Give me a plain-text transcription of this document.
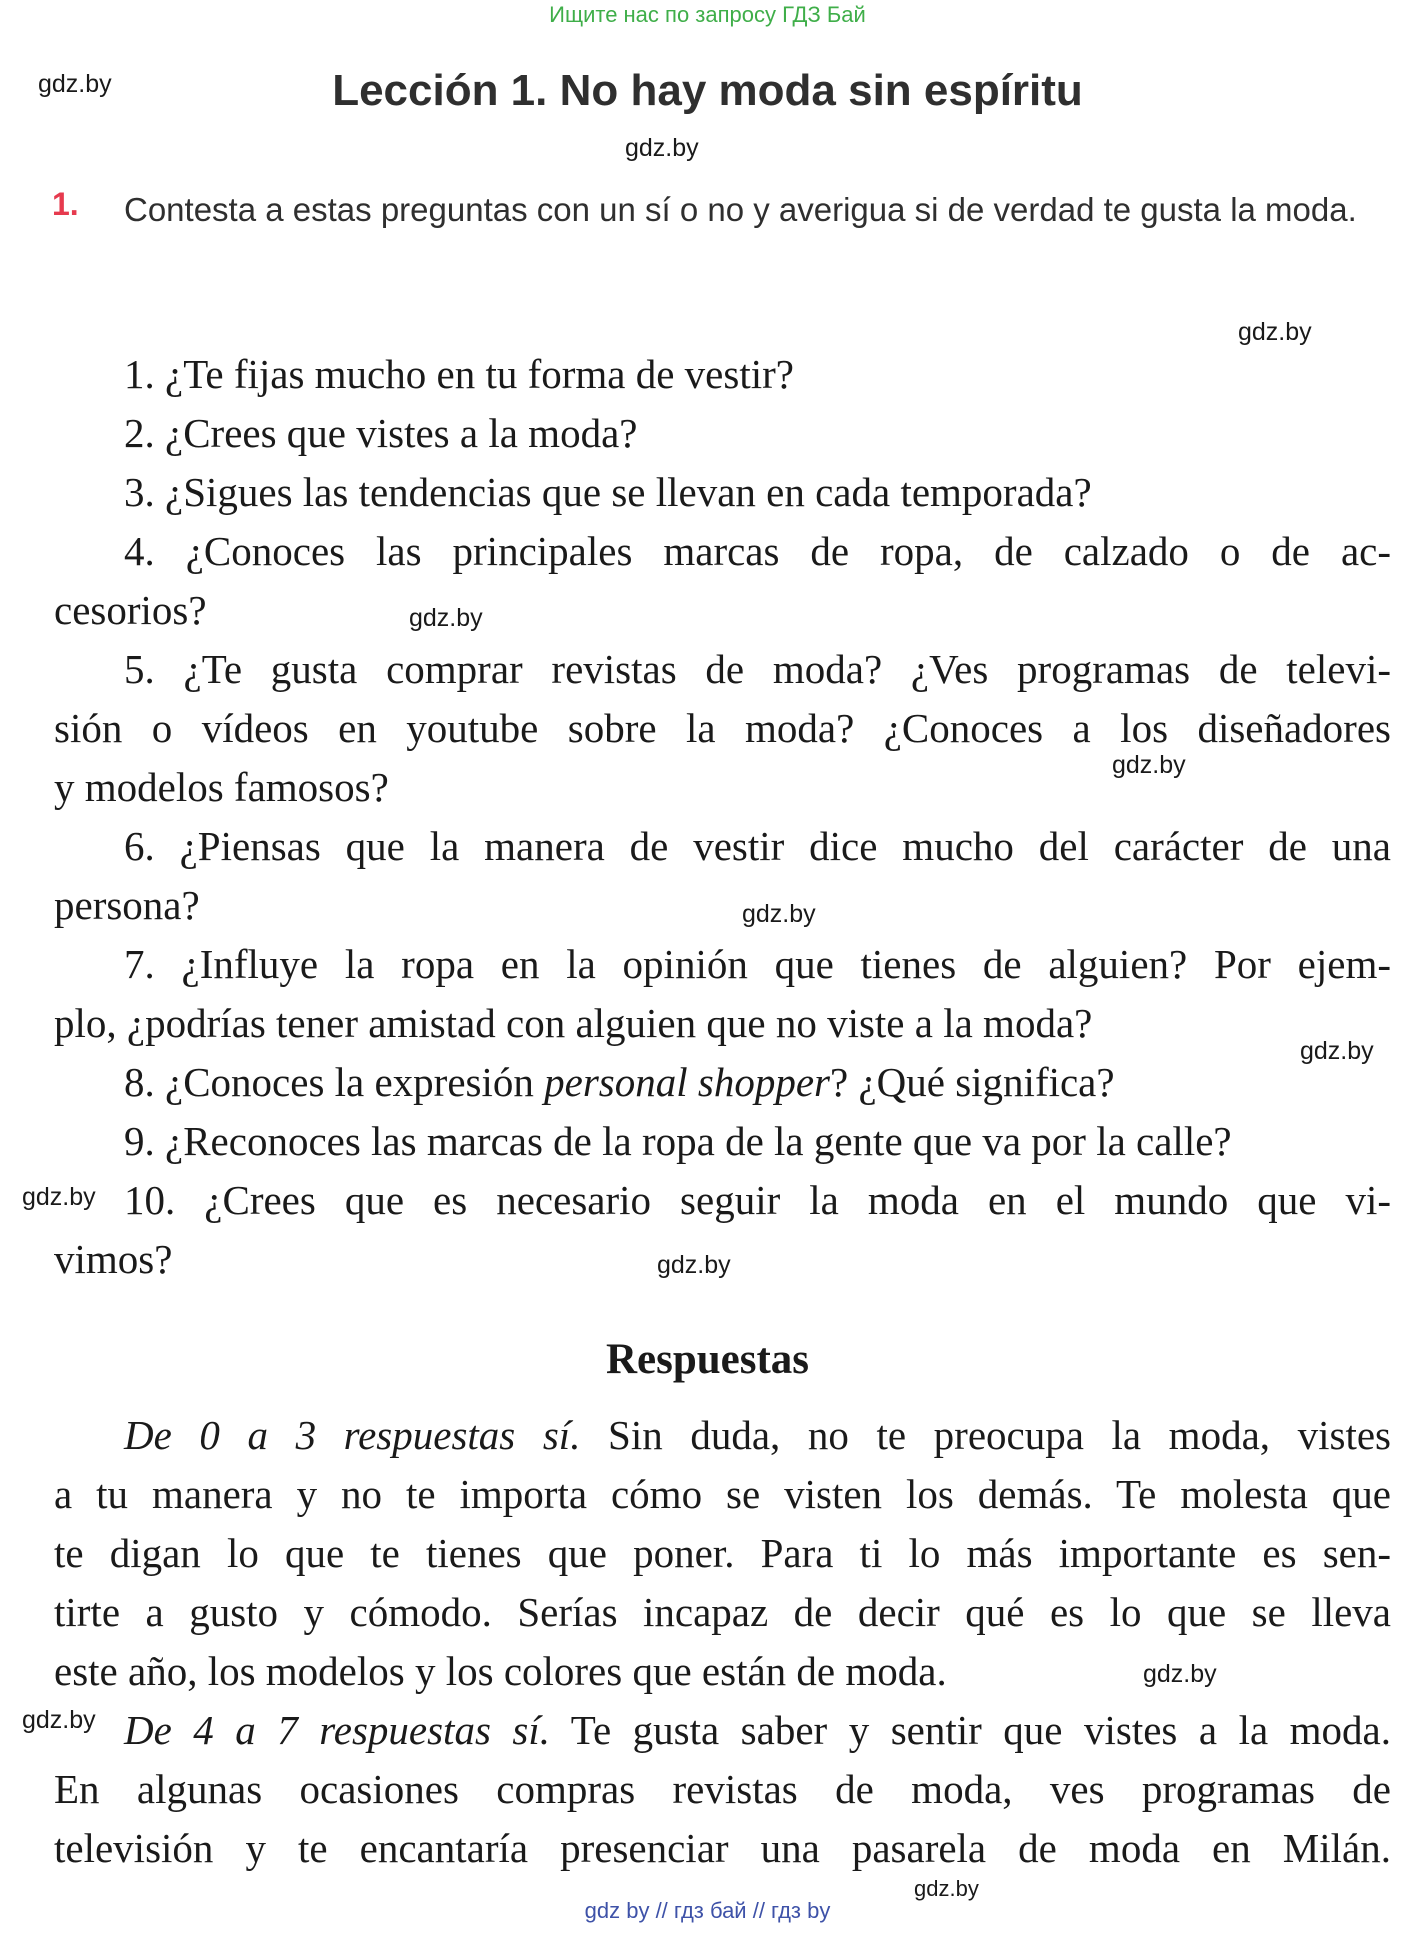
Ищите нас по запросу ГДЗ Бай
gdz.by	Lección 1. No hay moda sin espíritu
gdz.by
1. Contesta a estas preguntas con un sí o no y averigua si de verdad te gusta la moda.
gdz.by
1. ¿Te fijas mucho en tu forma de vestir?
2. ¿Crees que vistes a la moda?
3. ¿Sigues las tendencias que se llevan en cada temporada?
4. ¿Conoces las principales marcas de ropa, de calzado o de ac-
cesorios?	gdz.by
5. ¿Te gusta comprar revistas de moda? ¿Ves programas de televi-
sión o vídeos en youtube sobre la moda? ¿Conoces a los diseñadores
gdz.by
y modelos famosos?
6. ¿Piensas que la manera de vestir dice mucho del carácter de una
persona?	gdz.by
7. ¿Influye la ropa en la opinión que tienes de alguien? Por ejem-
plo, ¿podrías tener amistad con alguien que no viste a la moda?
gdz.by
8. ¿Conoces la expresión personal shopper? ¿Qué significa?
9. ¿Reconoces las marcas de la ropa de la gente que va por la calle?
gdz.by 10. ¿Crees que es necesario seguir la moda en el mundo que vi-
vimos?	gdz.by
Respuestas
De 0 a 3 respuestas sí. Sin duda, no te preocupa la moda, vistes
a tu manera y no te importa cómo se visten los demás. Te molesta que
te digan lo que te tienes que poner. Para ti lo más importante es sen-
tirte a gusto y cómodo. Serías incapaz de decir qué es lo que se lleva
este año, los modelos y los colores que están de moda.	gdz.by
gdz.by De 4 a 7 respuestas sí. Te gusta saber y sentir que vistes a la moda.
En algunas ocasiones compras revistas de moda, ves programas de
televisión y te encantaría presenciar una pasarela de moda en Milán.
gdz.by
gdz by // гдз бай // гдз by
